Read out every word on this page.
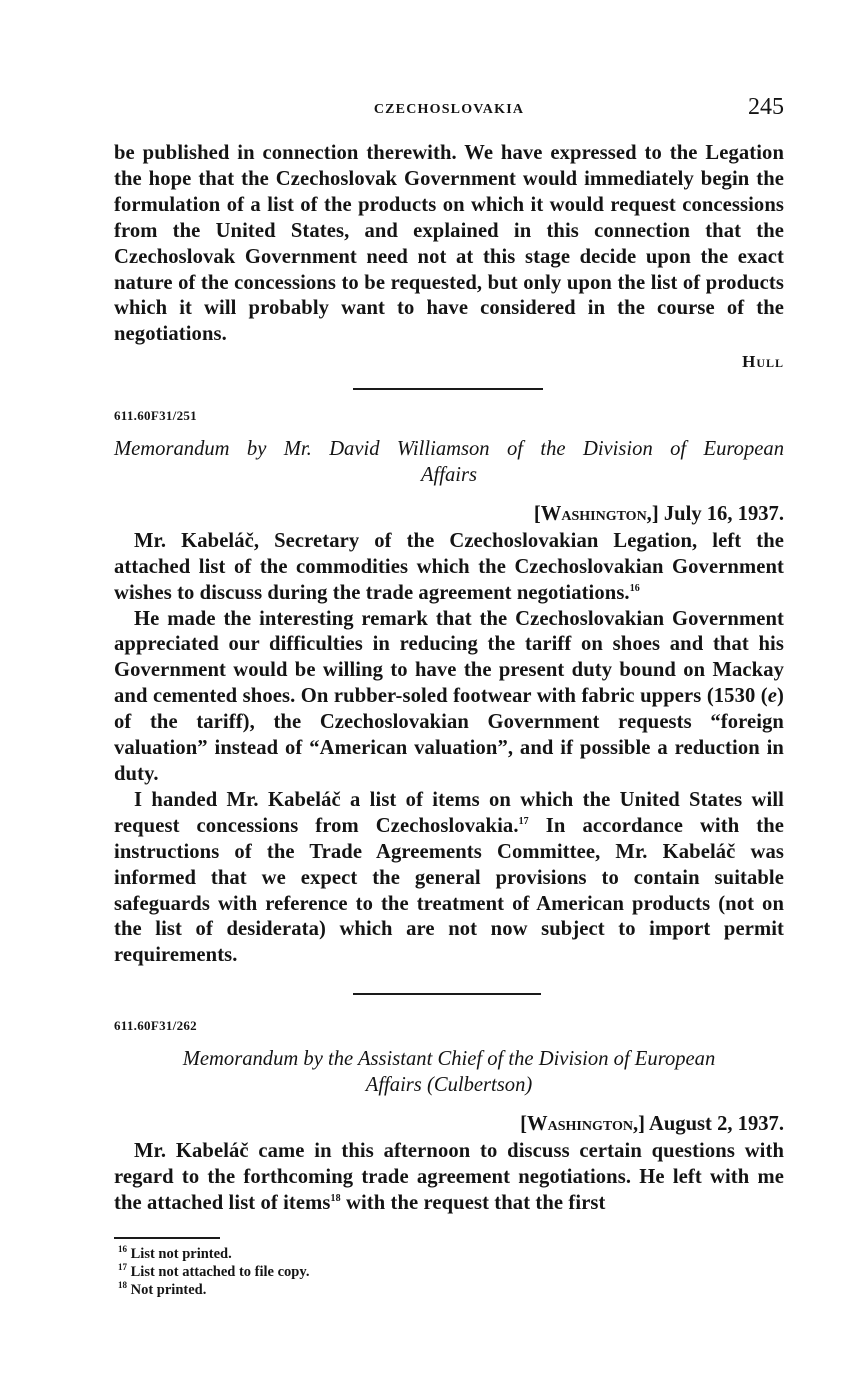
CZECHOSLOVAKIA	245

be published in connection therewith. We have expressed to the Legation the hope that the Czechoslovak Government would immediately begin the formulation of a list of the products on which it would request concessions from the United States, and explained in this connection that the Czechoslovak Government need not at this stage decide upon the exact nature of the concessions to be requested, but only upon the list of products which it will probably want to have considered in the course of the negotiations.

Hull
611.60F31/251
Memorandum by Mr. David Williamson of the Division of European
Affairs
[Washington,] July 16, 1937.

Mr. Kabeláč, Secretary of the Czechoslovakian Legation, left the attached list of the commodities which the Czechoslovakian Government wishes to discuss during the trade agreement negotiations.$^{16}$

He made the interesting remark that the Czechoslovakian Government appreciated our difficulties in reducing the tariff on shoes and that his Government would be willing to have the present duty bound on Mackay and cemented shoes. On rubber-soled footwear with fabric uppers (1530 (e) of the tariff), the Czechoslovakian Government requests “foreign valuation” instead of “American valuation”, and if possible a reduction in duty.

I handed Mr. Kabeláč a list of items on which the United States will request concessions from Czechoslovakia.$^{17}$ In accordance with the instructions of the Trade Agreements Committee, Mr. Kabeláč was informed that we expect the general provisions to contain suitable safeguards with reference to the treatment of American products (not on the list of desiderata) which are not now subject to import permit requirements.

611.60F31/262
Memorandum by the Assistant Chief of the Division of European
Affairs (Culbertson)
[Washington,] August 2, 1937.

Mr. Kabeláč came in this afternoon to discuss certain questions with regard to the forthcoming trade agreement negotiations. He left with me the attached list of items$^{18}$ with the request that the first

$^{16}$ List not printed.
$^{17}$ List not attached to file copy.
$^{18}$ Not printed.
